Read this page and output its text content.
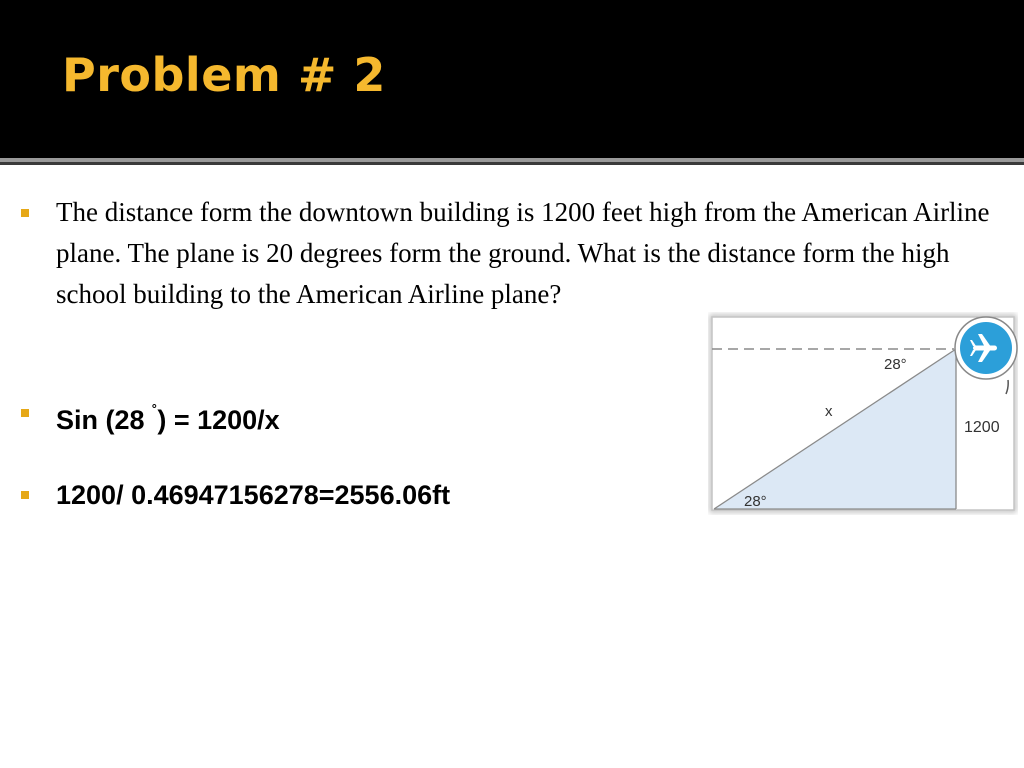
Problem # 2
The distance form the downtown building is 1200 feet high from the American Airline plane. The plane is 20 degrees form the ground. What is the distance form the high school building to the American Airline plane?
Sin (28 ˚) = 1200/x
1200/ 0.46947156278=2556.06ft
28°
x
1200
28°
